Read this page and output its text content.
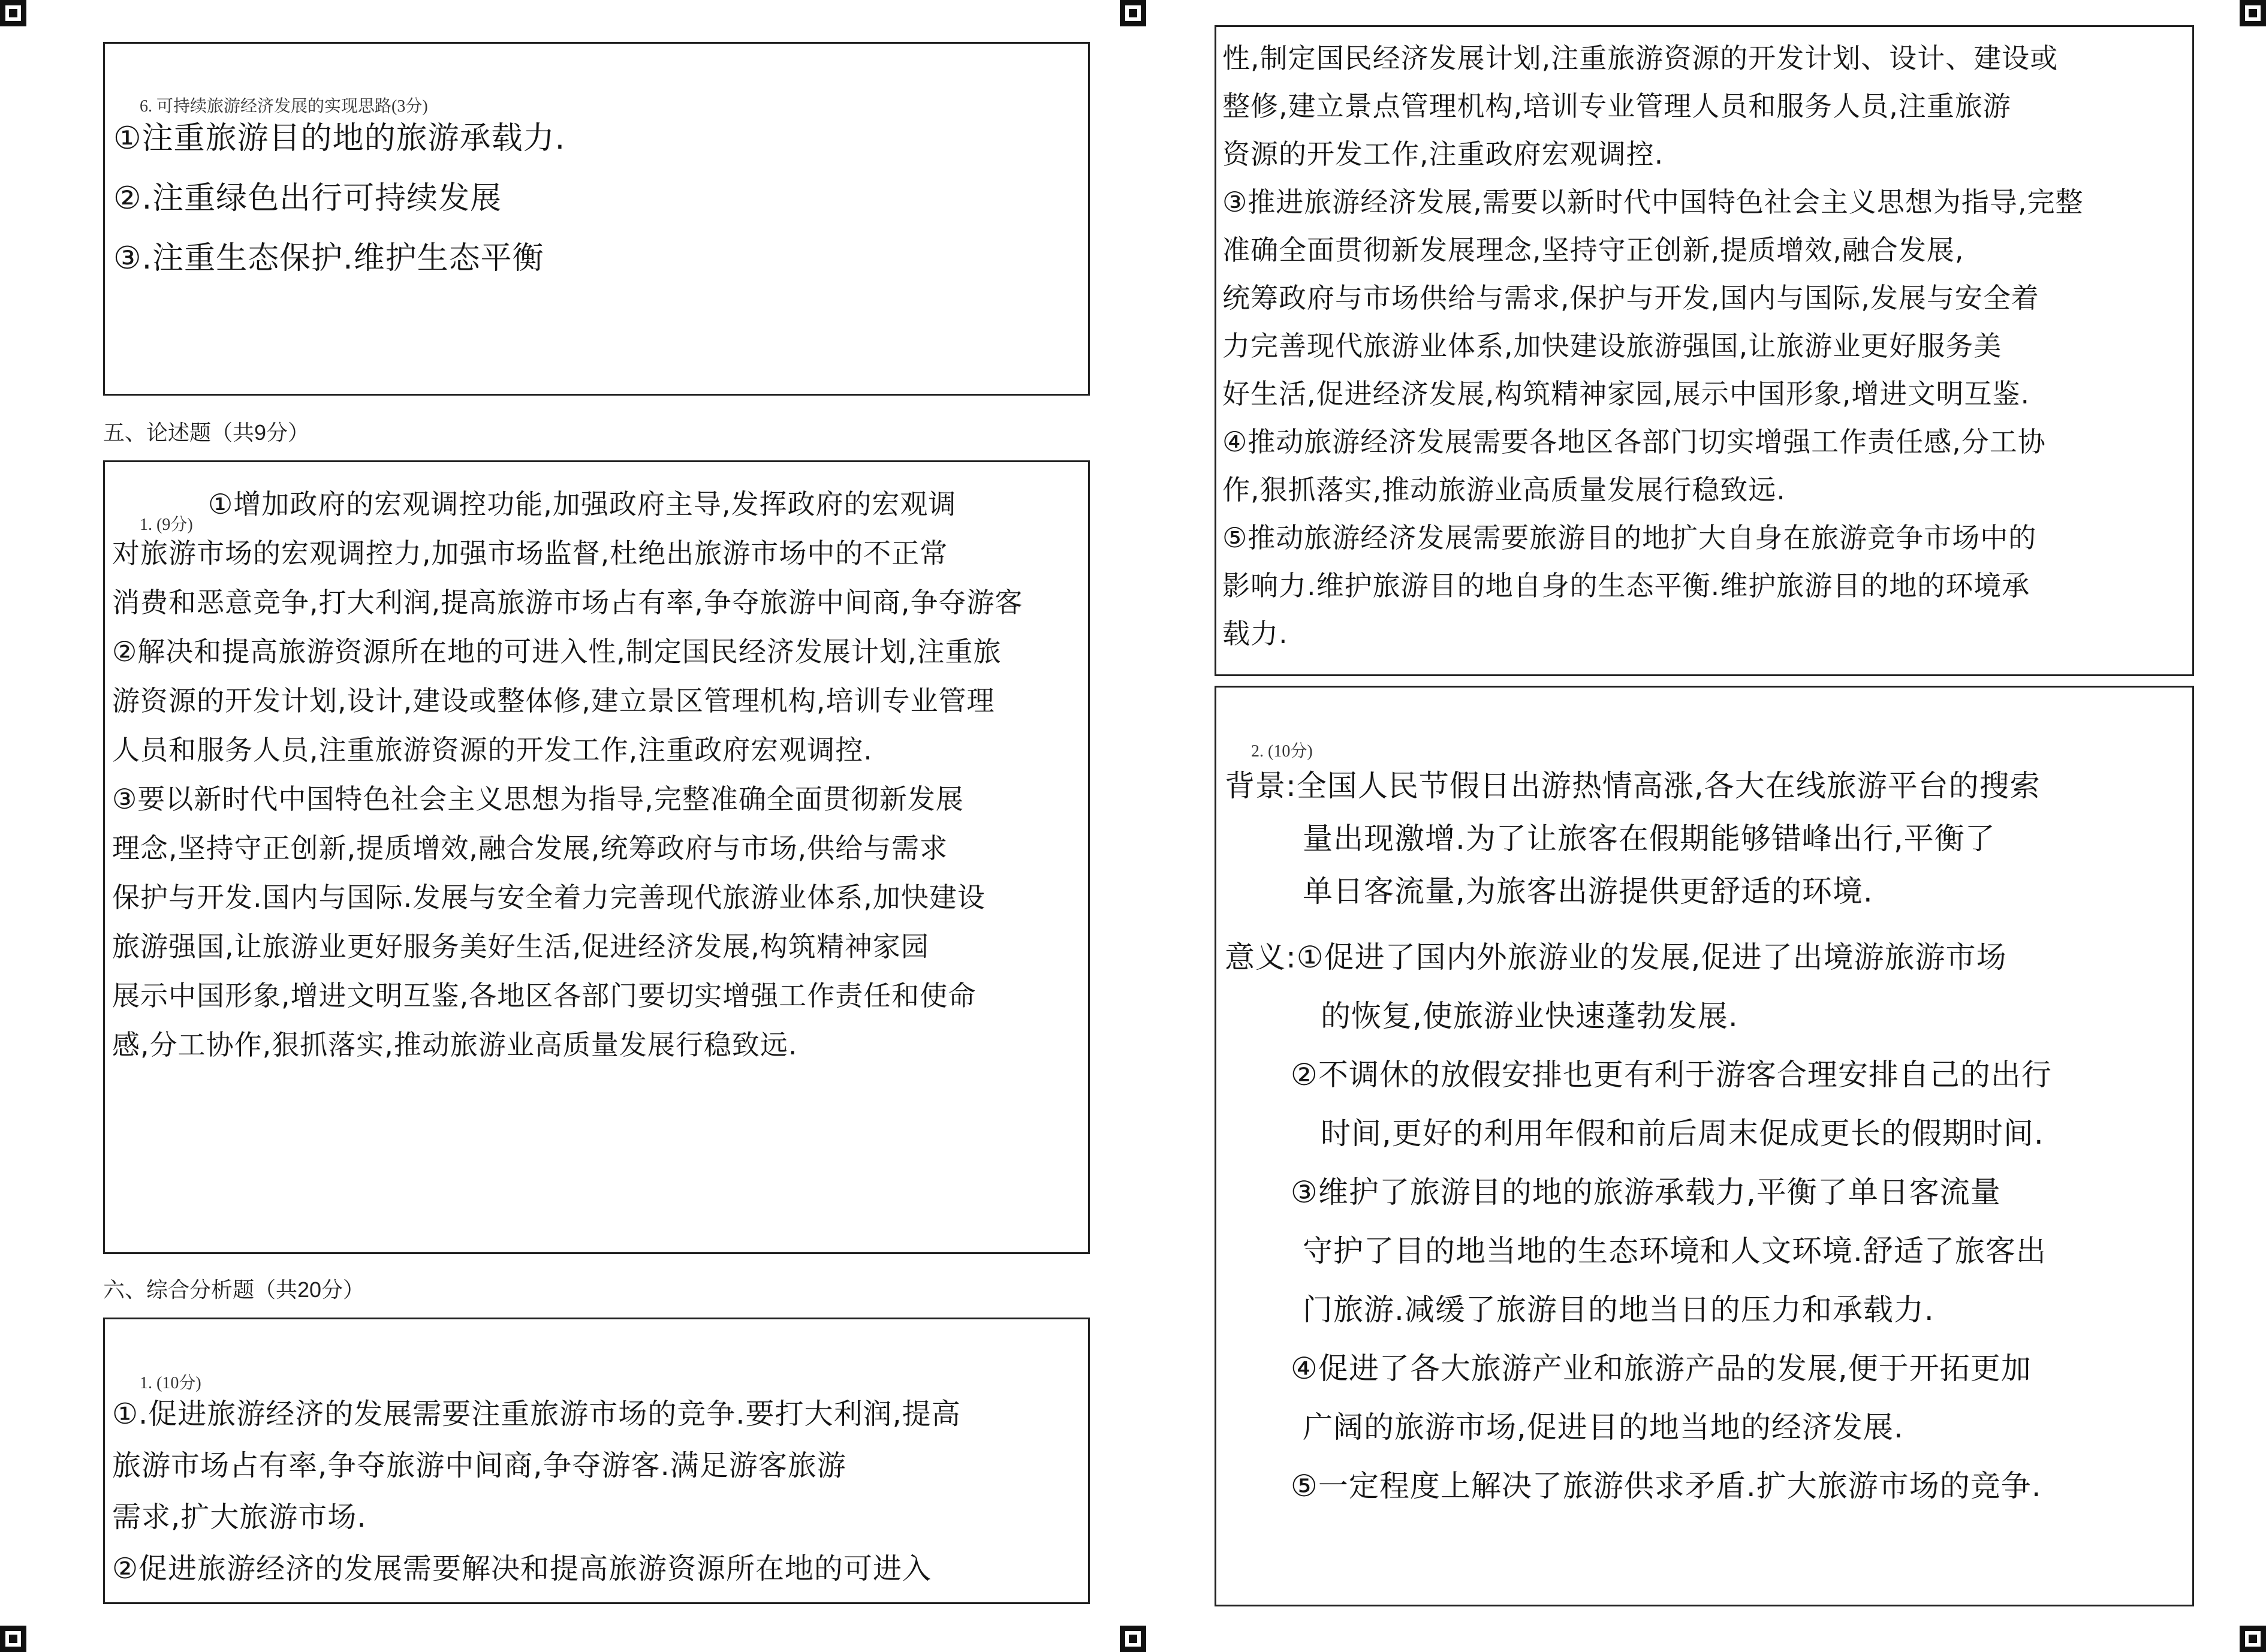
6. 可持续旅游经济发展的实现思路(3分)
①注重旅游目的地的旅游承载力.
②.注重绿色出行可持续发展
③.注重生态保护.维护生态平衡
五、论述题（共9分）
1. (9分)
①增加政府的宏观调控功能,加强政府主导,发挥政府的宏观调
对旅游市场的宏观调控力,加强市场监督,杜绝出旅游市场中的不正常
消费和恶意竞争,打大利润,提高旅游市场占有率,争夺旅游中间商,争夺游客
②解决和提高旅游资源所在地的可进入性,制定国民经济发展计划,注重旅
游资源的开发计划,设计,建设或整体修,建立景区管理机构,培训专业管理
人员和服务人员,注重旅游资源的开发工作,注重政府宏观调控.
③要以新时代中国特色社会主义思想为指导,完整准确全面贯彻新发展
理念,坚持守正创新,提质增效,融合发展,统筹政府与市场,供给与需求
保护与开发.国内与国际.发展与安全着力完善现代旅游业体系,加快建设
旅游强国,让旅游业更好服务美好生活,促进经济发展,构筑精神家园
展示中国形象,增进文明互鉴,各地区各部门要切实增强工作责任和使命
感,分工协作,狠抓落实,推动旅游业高质量发展行稳致远.
六、综合分析题（共20分）
1. (10分)
①.促进旅游经济的发展需要注重旅游市场的竞争.要打大利润,提高
旅游市场占有率,争夺旅游中间商,争夺游客.满足游客旅游
需求,扩大旅游市场.
②促进旅游经济的发展需要解决和提高旅游资源所在地的可进入
性,制定国民经济发展计划,注重旅游资源的开发计划、设计、建设或
整修,建立景点管理机构,培训专业管理人员和服务人员,注重旅游
资源的开发工作,注重政府宏观调控.
③推进旅游经济发展,需要以新时代中国特色社会主义思想为指导,完整
准确全面贯彻新发展理念,坚持守正创新,提质增效,融合发展,
统筹政府与市场供给与需求,保护与开发,国内与国际,发展与安全着
力完善现代旅游业体系,加快建设旅游强国,让旅游业更好服务美
好生活,促进经济发展,构筑精神家园,展示中国形象,增进文明互鉴.
④推动旅游经济发展需要各地区各部门切实增强工作责任感,分工协
作,狠抓落实,推动旅游业高质量发展行稳致远.
⑤推动旅游经济发展需要旅游目的地扩大自身在旅游竞争市场中的
影响力.维护旅游目的地自身的生态平衡.维护旅游目的地的环境承
载力.
2. (10分)
背景:全国人民节假日出游热情高涨,各大在线旅游平台的搜索
量出现激增.为了让旅客在假期能够错峰出行,平衡了
单日客流量,为旅客出游提供更舒适的环境.
意义:①促进了国内外旅游业的发展,促进了出境游旅游市场
的恢复,使旅游业快速蓬勃发展.
②不调休的放假安排也更有利于游客合理安排自己的出行
时间,更好的利用年假和前后周末促成更长的假期时间.
③维护了旅游目的地的旅游承载力,平衡了单日客流量
守护了目的地当地的生态环境和人文环境.舒适了旅客出
门旅游.减缓了旅游目的地当日的压力和承载力.
④促进了各大旅游产业和旅游产品的发展,便于开拓更加
广阔的旅游市场,促进目的地当地的经济发展.
⑤一定程度上解决了旅游供求矛盾.扩大旅游市场的竞争.
